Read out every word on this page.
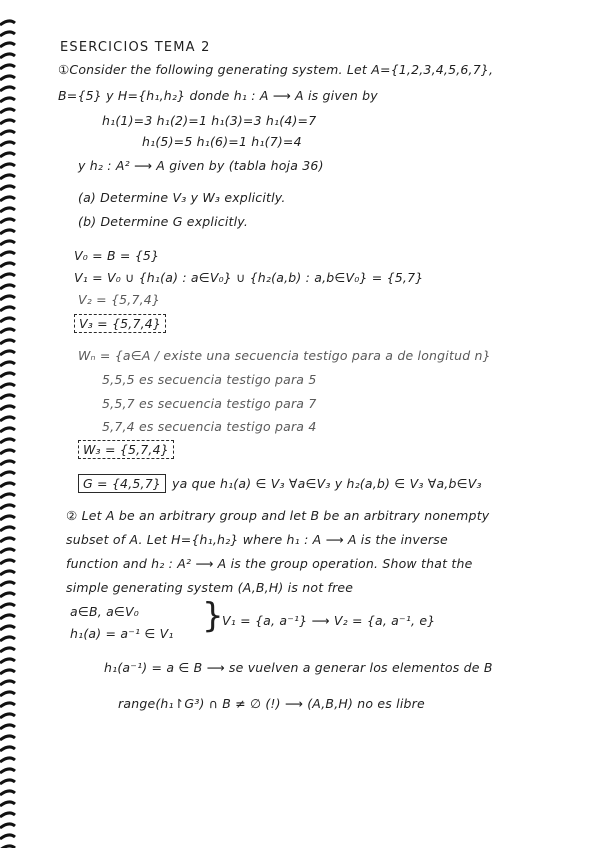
ESERCICIOS TEMA 2
①Consider the following generating system. Let A={1,2,3,4,5,6,7},
B={5} y H={h₁,h₂} donde h₁ : A ⟶ A is given by
h₁(1)=3 h₁(2)=1 h₁(3)=3 h₁(4)=7
h₁(5)=5 h₁(6)=1 h₁(7)=4
y h₂ : A² ⟶ A given by (tabla hoja 36)
(a) Determine V₃ y W₃ explicitly.
(b) Determine G explicitly.
V₀ = B = {5}
V₁ = V₀ ∪ {h₁(a) : a∈V₀} ∪ {h₂(a,b) : a,b∈V₀} = {5,7}
V₂ = {5,7,4}
V₃ = {5,7,4}
Wₙ = {a∈A / existe una secuencia testigo para a de longitud n}
5,5,5 es secuencia testigo para 5
5,5,7 es secuencia testigo para 7
5,7,4 es secuencia testigo para 4
W₃ = {5,7,4}
G = {4,5,7} ya que h₁(a) ∈ V₃ ∀a∈V₃ y h₂(a,b) ∈ V₃ ∀a,b∈V₃
② Let A be an arbitrary group and let B be an arbitrary nonempty
subset of A. Let H={h₁,h₂} where h₁ : A ⟶ A is the inverse
function and h₂ : A² ⟶ A is the group operation. Show that the
simple generating system (A,B,H) is not free
a∈B, a∈V₀
h₁(a) = a⁻¹ ∈ V₁ }
V₁ = {a, a⁻¹} ⟶ V₂ = {a, a⁻¹, e}
h₁(a⁻¹) = a ∈ B ⟶ se vuelven a generar los elementos de B
range(h₁↾G³) ∩ B ≠ ∅ (!) ⟶ (A,B,H) no es libre
